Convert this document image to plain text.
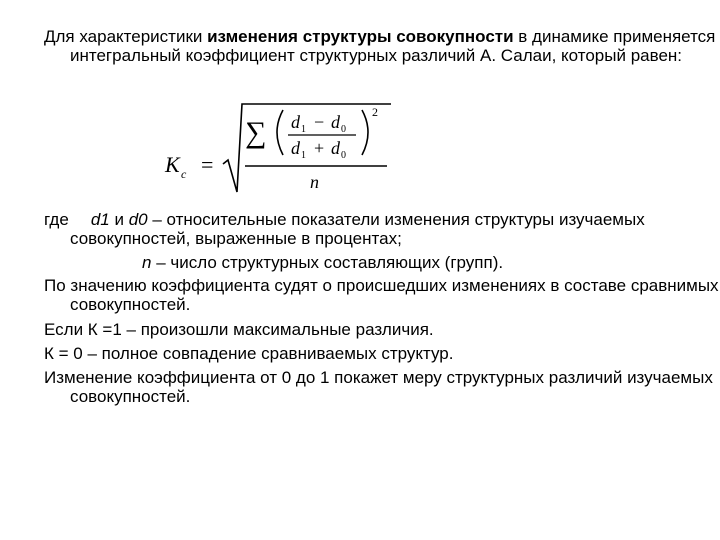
Для характеристики изменения структуры совокупности в динамике применяется интегральный коэффициент структурных различий А. Салаи, который равен:
K c =
∑ d 1 − d 0
d 1 + d 0
2
n
где d1 и d0 – относительные показатели изменения структуры изучаемых совокупностей, выраженные в процентах;
n – число структурных составляющих (групп).
По значению коэффициента судят о происшедших изменениях в составе сравнимых совокупностей.
Если К =1 – произошли максимальные различия.
К = 0 – полное совпадение сравниваемых структур.
Изменение коэффициента от 0 до 1 покажет меру структурных различий изучаемых совокупностей.
